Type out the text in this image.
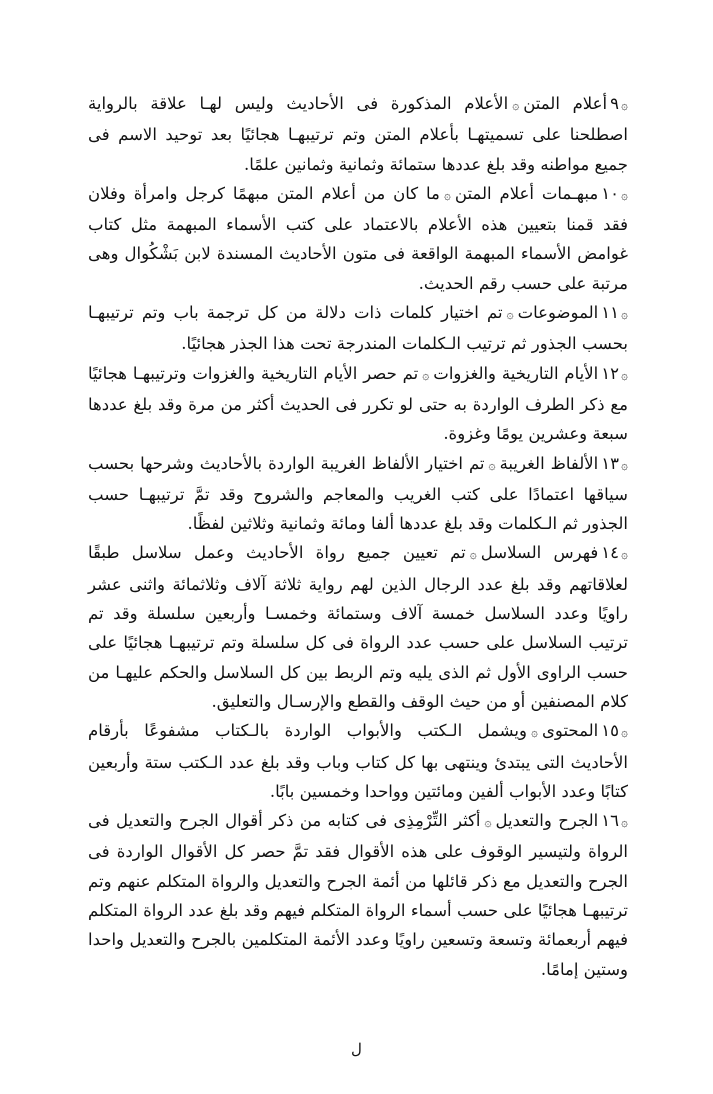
۞٩أعلام المتن۞الأعلام المذكورة فى الأحاديث وليس لهـا علاقة بالرواية اصطلحنا على تسميتهـا بأعلام المتن وتم ترتيبهـا هجائيًا بعد توحيد الاسم فى جميع مواطنه وقد بلغ عددها ستمائة وثمانية وثمانين علمًا.

۞١٠مبهـمات أعلام المتن۞ما كان من أعلام المتن مبهمًا كرجل وامرأة وفلان فقد قمنا بتعيين هذه الأعلام بالاعتماد على كتب الأسماء المبهمة مثل كتاب غوامض الأسماء المبهمة الواقعة فى متون الأحاديث المسندة لابن بَشْكُوال وهى مرتبة على حسب رقم الحديث.

۞١١الموضوعات۞تم اختيار كلمات ذات دلالة من كل ترجمة باب وتم ترتيبهـا بحسب الجذور ثم ترتيب الـكلمات المندرجة تحت هذا الجذر هجائيًا.

۞١٢الأيام التاريخية والغزوات۞تم حصر الأيام التاريخية والغزوات وترتيبهـا هجائيًا مع ذكر الطرف الواردة به حتى لو تكرر فى الحديث أكثر من مرة وقد بلغ عددها سبعة وعشرين يومًا وغزوة.

۞١٣الألفاظ الغريبة۞تم اختيار الألفاظ الغريبة الواردة بالأحاديث وشرحها بحسب سياقها اعتمادًا على كتب الغريب والمعاجم والشروح وقد تمَّ ترتيبهـا حسب الجذور ثم الـكلمات وقد بلغ عددها ألفا ومائة وثمانية وثلاثين لفظًا.

۞١٤فهرس السلاسل۞تم تعيين جميع رواة الأحاديث وعمل سلاسل طبقًا لعلاقاتهم وقد بلغ عدد الرجال الذين لهم رواية ثلاثة آلاف وثلاثمائة واثنى عشر راويًا وعدد السلاسل خمسة آلاف وستمائة وخمسـا وأربعين سلسلة وقد تم ترتيب السلاسل على حسب عدد الرواة فى كل سلسلة وتم ترتيبهـا هجائيًا على حسب الراوى الأول ثم الذى يليه وتم الربط بين كل السلاسل والحكم عليهـا من كلام المصنفين أو من حيث الوقف والقطع والإرسـال والتعليق.

۞١٥المحتوى۞ويشمل الـكتب والأبواب الواردة بالـكتاب مشفوعًا بأرقام الأحاديث التى يبتدئ وينتهى بها كل كتاب وباب وقد بلغ عدد الـكتب ستة وأربعين كتابًا وعدد الأبواب ألفين ومائتين وواحدا وخمسين بابًا.

۞١٦الجرح والتعديل۞أكثر التِّرْمِذِى فى كتابه من ذكر أقوال الجرح والتعديل فى الرواة ولتيسير الوقوف على هذه الأقوال فقد تمَّ حصر كل الأقوال الواردة فى الجرح والتعديل مع ذكر قائلها من أئمة الجرح والتعديل والرواة المتكلم عنهم وتم ترتيبهـا هجائيًا على حسب أسماء الرواة المتكلم فيهم وقد بلغ عدد الرواة المتكلم فيهم أربعمائة وتسعة وتسعين راويًا وعدد الأئمة المتكلمين بالجرح والتعديل واحدا وستين إمامًا.

ل
